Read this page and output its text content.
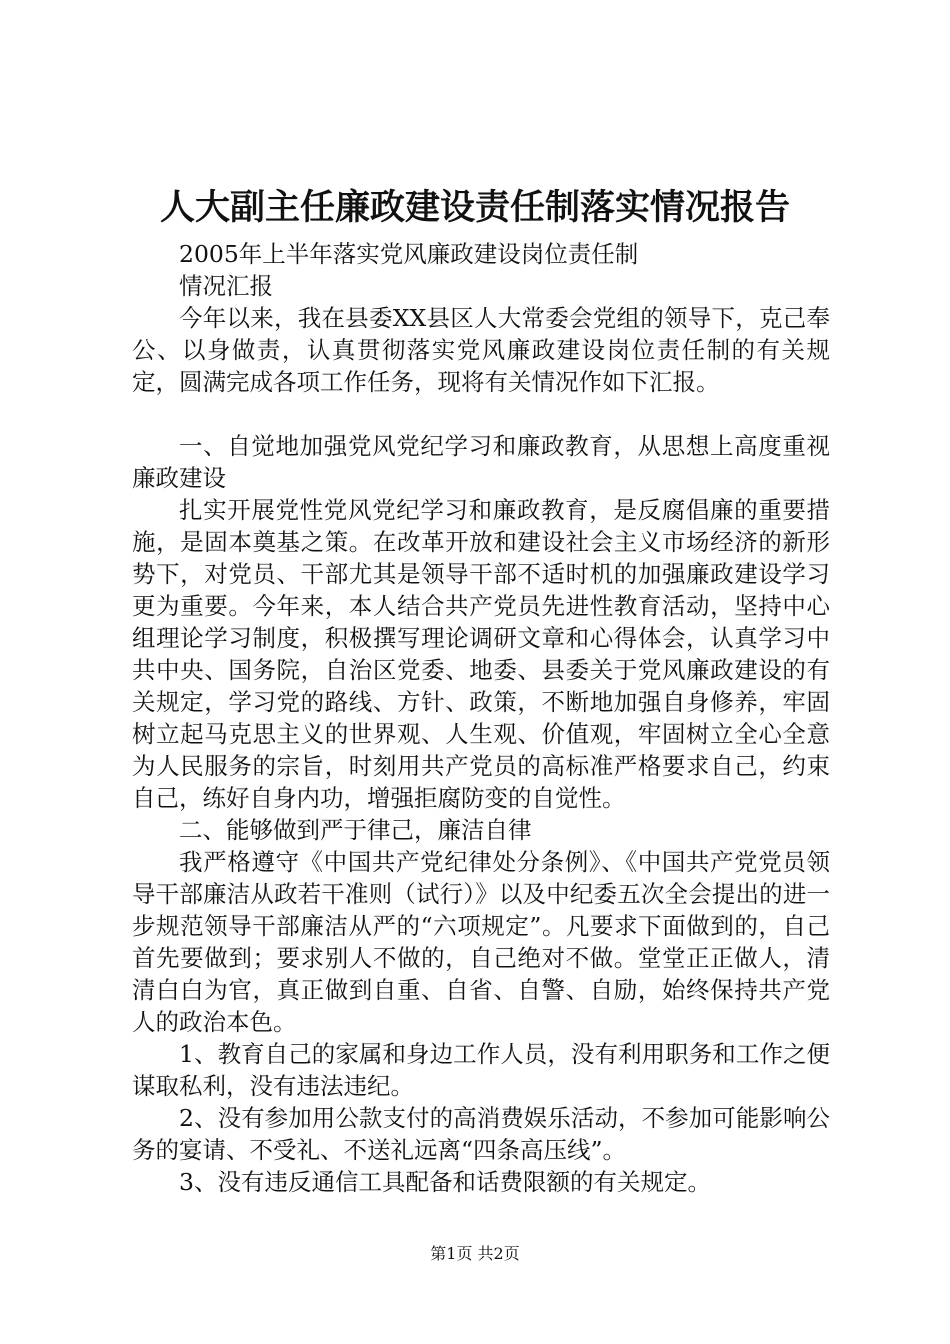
人大副主任廉政建设责任制落实情况报告

2005年上半年落实党风廉政建设岗位责任制

情况汇报

今年以来，我在县委XX县区人大常委会党组的领导下，克己奉公、以身做责，认真贯彻落实党风廉政建设岗位责任制的有关规定，圆满完成各项工作任务，现将有关情况作如下汇报。

一、自觉地加强党风党纪学习和廉政教育，从思想上高度重视廉政建设

扎实开展党性党风党纪学习和廉政教育，是反腐倡廉的重要措施，是固本奠基之策。在改革开放和建设社会主义市场经济的新形势下，对党员、干部尤其是领导干部不适时机的加强廉政建设学习更为重要。今年来，本人结合共产党员先进性教育活动，坚持中心组理论学习制度，积极撰写理论调研文章和心得体会，认真学习中共中央、国务院，自治区党委、地委、县委关于党风廉政建设的有关规定，学习党的路线、方针、政策，不断地加强自身修养，牢固树立起马克思主义的世界观、人生观、价值观，牢固树立全心全意为人民服务的宗旨，时刻用共产党员的高标准严格要求自己，约束自己，练好自身内功，增强拒腐防变的自觉性。

二、能够做到严于律己，廉洁自律

我严格遵守《中国共产党纪律处分条例》、《中国共产党党员领导干部廉洁从政若干准则（试行）》以及中纪委五次全会提出的进一步规范领导干部廉洁从严的“六项规定”。凡要求下面做到的，自己首先要做到；要求别人不做的，自己绝对不做。堂堂正正做人，清清白白为官，真正做到自重、自省、自警、自励，始终保持共产党人的政治本色。

1、教育自己的家属和身边工作人员，没有利用职务和工作之便谋取私利，没有违法违纪。

2、没有参加用公款支付的高消费娱乐活动，不参加可能影响公务的宴请、不受礼、不送礼远离“四条高压线”。

3、没有违反通信工具配备和话费限额的有关规定。

第1页 共2页
